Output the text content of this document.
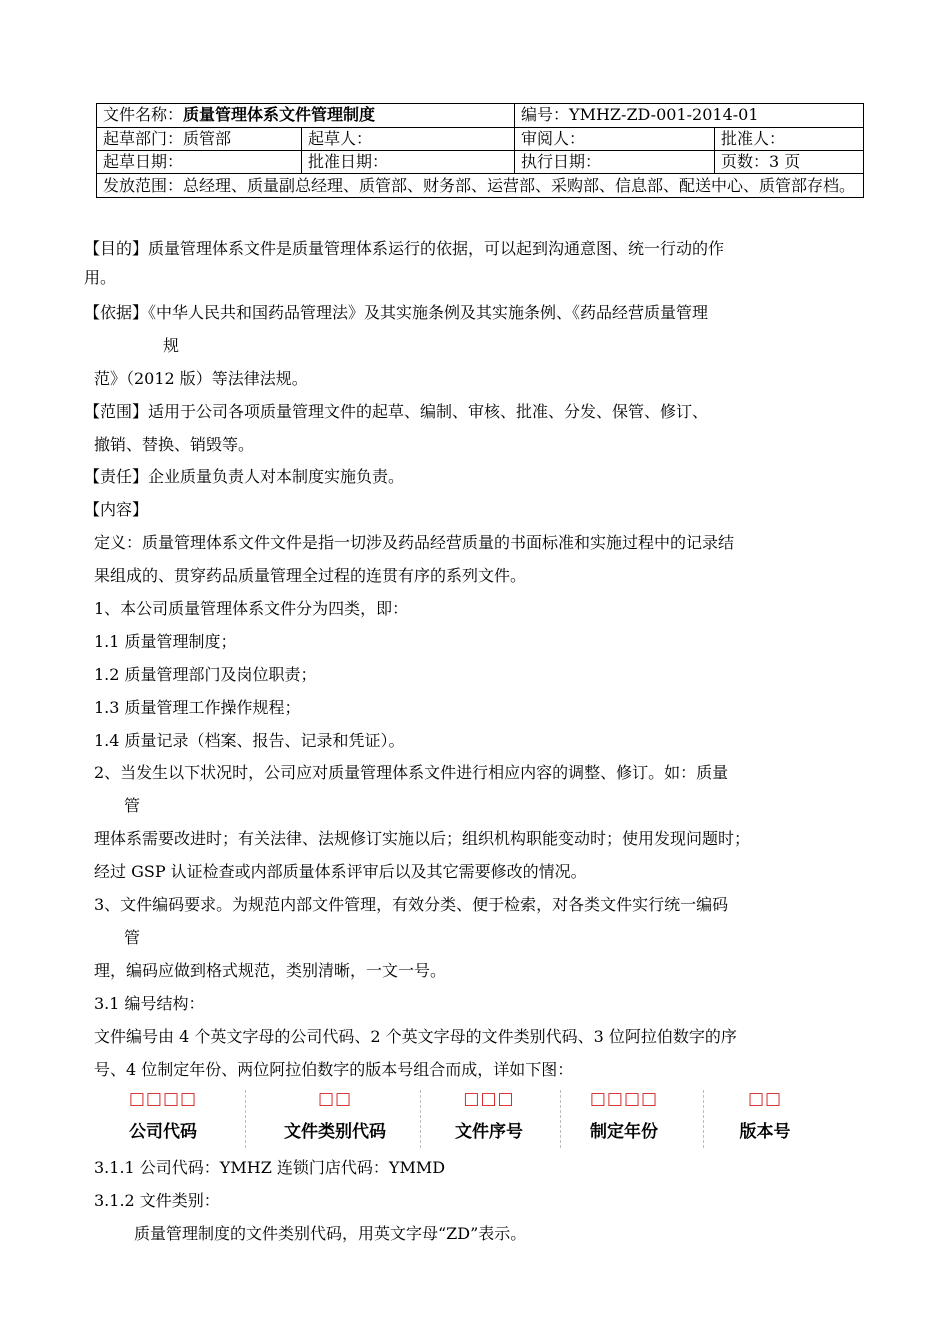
文件名称：质量管理体系文件管理制度		编号：YMHZ-ZD-001-2014-01	
起草部门：质管部	起草人：	审阅人：	批准人：
起草日期：	批准日期：	执行日期：	页数：3 页
发放范围：总经理、质量副总经理、质管部、财务部、运营部、采购部、信息部、配送中心、质管部存档。			
【目的】质量管理体系文件是质量管理体系运行的依据，可以起到沟通意图、统一行动的作
用。
【依据】《中华人民共和国药品管理法》及其实施条例及其实施条例、《药品经营质量管理
规
范》（2012 版）等法律法规。
【范围】适用于公司各项质量管理文件的起草、编制、审核、批准、分发、保管、修订、
撤销、替换、销毁等。
【责任】企业质量负责人对本制度实施负责。
【内容】
定义：质量管理体系文件文件是指一切涉及药品经营质量的书面标准和实施过程中的记录结
果组成的、贯穿药品质量管理全过程的连贯有序的系列文件。
1、本公司质量管理体系文件分为四类，即：
1.1 质量管理制度；
1.2 质量管理部门及岗位职责；
1.3 质量管理工作操作规程；
1.4 质量记录（档案、报告、记录和凭证）。
2、当发生以下状况时，公司应对质量管理体系文件进行相应内容的调整、修订。如：质量
管
理体系需要改进时；有关法律、法规修订实施以后；组织机构职能变动时；使用发现问题时；
经过 GSP 认证检查或内部质量体系评审后以及其它需要修改的情况。
3、文件编码要求。为规范内部文件管理，有效分类、便于检索，对各类文件实行统一编码
管
理，编码应做到格式规范，类别清晰，一文一号。
3.1 编号结构：
文件编号由 4 个英文字母的公司代码、2 个英文字母的文件类别代码、3 位阿拉伯数字的序
号、4 位制定年份、两位阿拉伯数字的版本号组合而成，详如下图：
□□□□
公司代码
□□
文件类别代码
□□□
文件序号
□□□□
制定年份
□□
版本号
3.1.1 公司代码：YMHZ 连锁门店代码：YMMD
3.1.2 文件类别：
质量管理制度的文件类别代码，用英文字母“ZD”表示。
